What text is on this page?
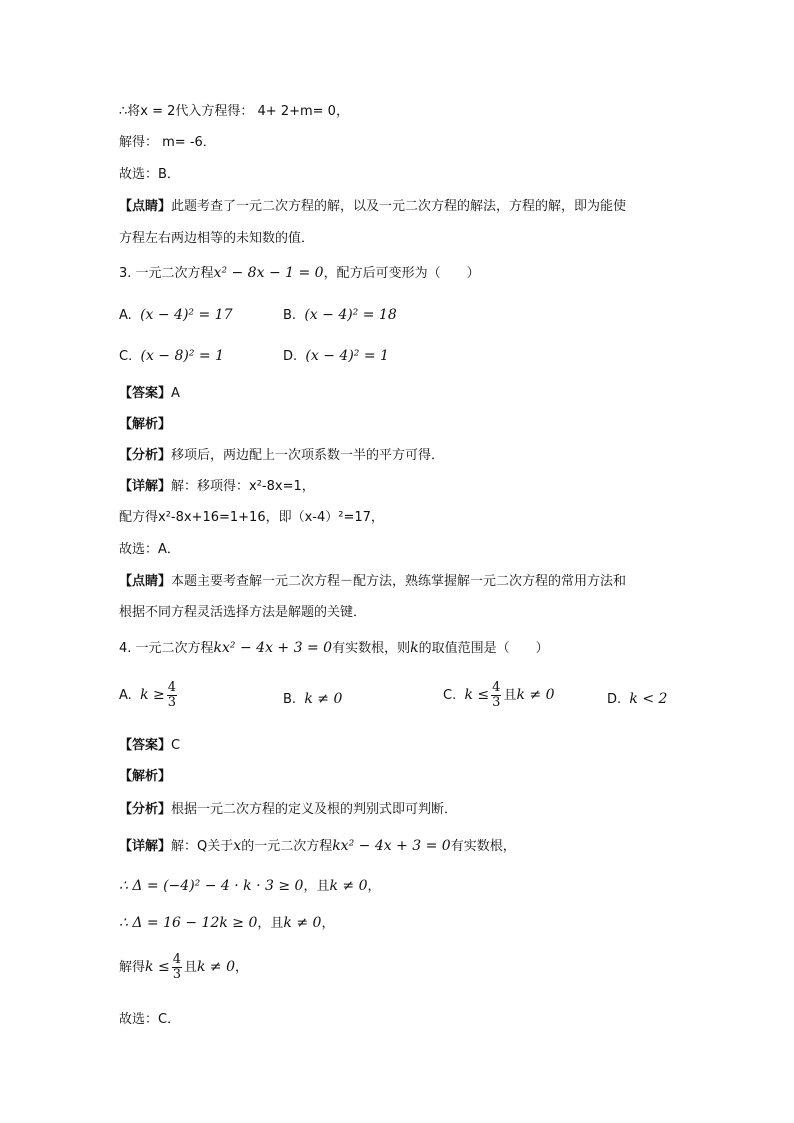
∴将x = 2代入方程得： 4+ 2+m= 0，
解得： m= -6．
故选：B．
【点睛】此题考查了一元二次方程的解，以及一元二次方程的解法，方程的解，即为能使
方程左右两边相等的未知数的值．
3. 一元二次方程x² − 8x − 1 = 0，配方后可变形为（　　）
A. (x − 4)² = 17	B. (x − 4)² = 18
C. (x − 8)² = 1	D. (x − 4)² = 1
【答案】A
【解析】
【分析】移项后，两边配上一次项系数一半的平方可得．
【详解】解：移项得：x²-8x=1，
配方得x²-8x+16=1+16，即（x-4）²=17，
故选：A．
【点睛】本题主要考查解一元二次方程－配方法，熟练掌握解一元二次方程的常用方法和
根据不同方程灵活选择方法是解题的关键．
4. 一元二次方程kx² − 4x + 3 = 0有实数根，则k的取值范围是（　　）
A. $k \ge \frac{4}{3}$	B. k ≠ 0	C. $k \le \frac{4}{3}$ 且k ≠ 0	D. k < 2
【答案】C
【解析】
【分析】根据一元二次方程的定义及根的判别式即可判断．
【详解】解：Q关于x的一元二次方程kx² − 4x + 3 = 0有实数根，
∴ Δ = (−4)² − 4 · k · 3 ≥ 0，且k ≠ 0，
∴ Δ = 16 − 12k ≥ 0，且k ≠ 0，
解得$k \le \frac{4}{3}$ 且k ≠ 0，
故选：C．
